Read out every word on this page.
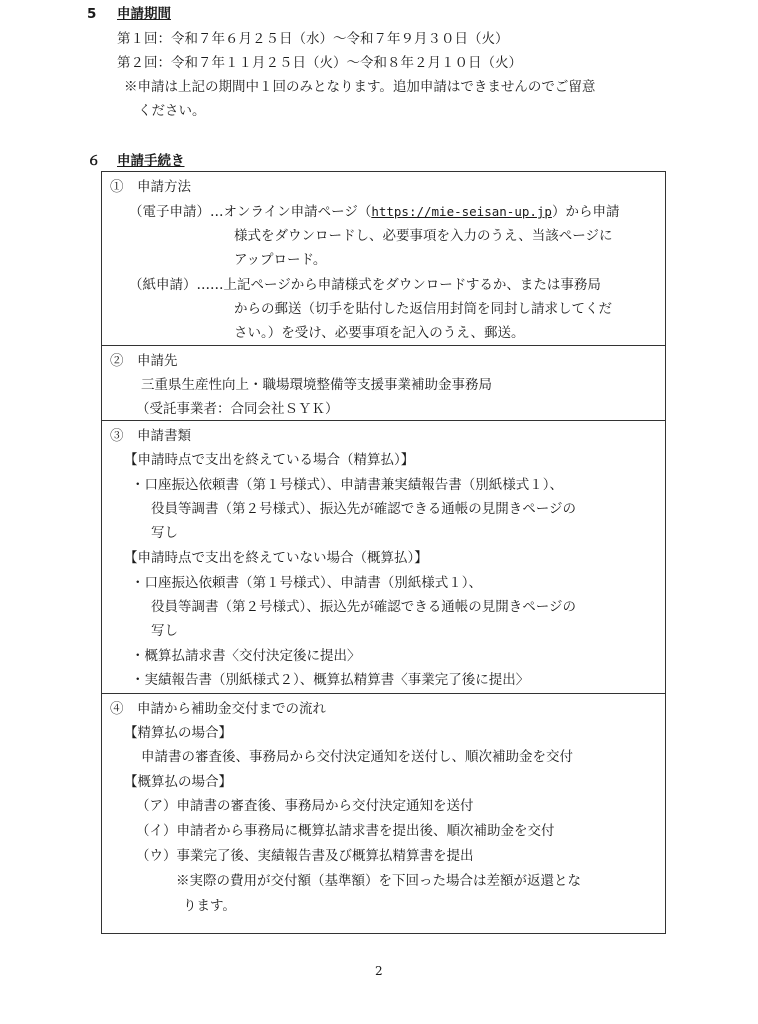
5 申請期間
第１回：令和７年６月２５日（水）～令和７年９月３０日（火）
第２回：令和７年１１月２５日（火）～令和８年２月１０日（火）
※申請は上記の期間中１回のみとなります。追加申請はできませんのでご留意
ください。
６ 申請手続き
①　申請方法
（電子申請）…オンライン申請ページ（https://mie-seisan-up.jp）から申請
様式をダウンロードし、必要事項を入力のうえ、当該ページに
アップロード。
（紙申請）……上記ページから申請様式をダウンロードするか、または事務局
からの郵送（切手を貼付した返信用封筒を同封し請求してくだ
さい。）を受け、必要事項を記入のうえ、郵送。
②　申請先
三重県生産性向上・職場環境整備等支援事業補助金事務局
（受託事業者：合同会社ＳＹＫ）
③　申請書類
【申請時点で支出を終えている場合（精算払）】
・口座振込依頼書（第１号様式）、申請書兼実績報告書（別紙様式１）、
役員等調書（第２号様式）、振込先が確認できる通帳の見開きページの
写し
【申請時点で支出を終えていない場合（概算払）】
・口座振込依頼書（第１号様式）、申請書（別紙様式１）、
役員等調書（第２号様式）、振込先が確認できる通帳の見開きページの
写し
・概算払請求書〈交付決定後に提出〉
・実績報告書（別紙様式２）、概算払精算書〈事業完了後に提出〉
④　申請から補助金交付までの流れ
【精算払の場合】
申請書の審査後、事務局から交付決定通知を送付し、順次補助金を交付
【概算払の場合】
（ア）申請書の審査後、事務局から交付決定通知を送付
（イ）申請者から事務局に概算払請求書を提出後、順次補助金を交付
（ウ）事業完了後、実績報告書及び概算払精算書を提出
※実際の費用が交付額（基準額）を下回った場合は差額が返還とな
ります。
2
